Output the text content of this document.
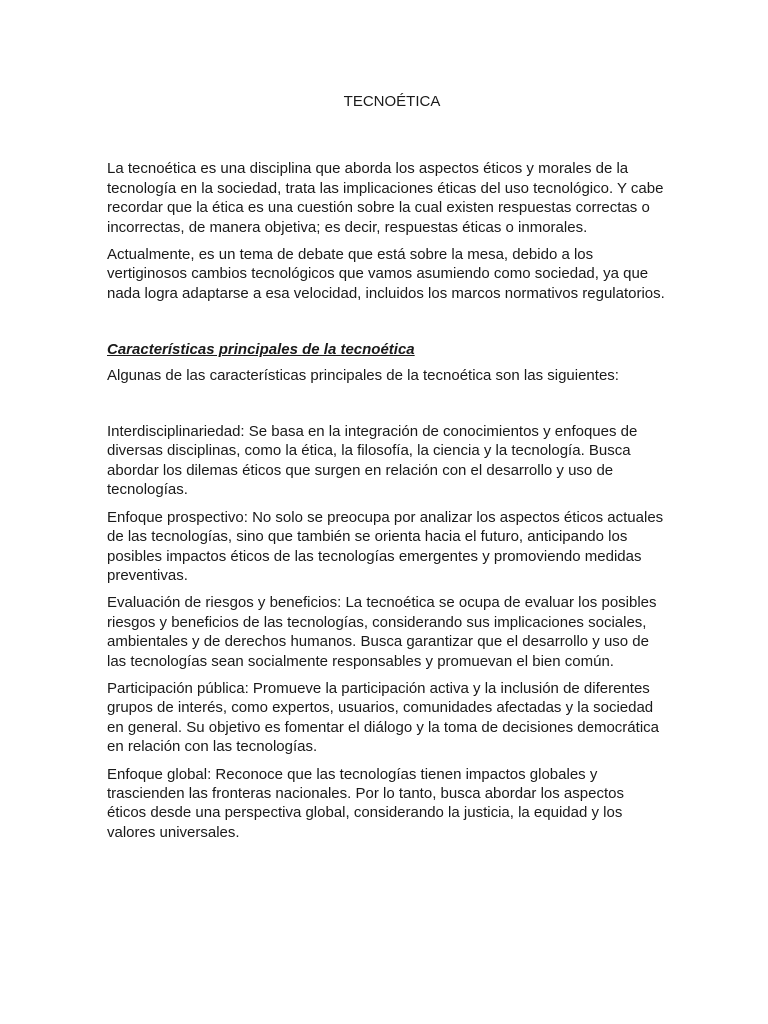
TECNOÉTICA

La tecnoética es una disciplina que aborda los aspectos éticos y morales de la tecnología en la sociedad, trata las implicaciones éticas del uso tecnológico. Y cabe recordar que la ética es una cuestión sobre la cual existen respuestas correctas o incorrectas, de manera objetiva; es decir, respuestas éticas o inmorales.

Actualmente, es un tema de debate que está sobre la mesa, debido a los vertiginosos cambios tecnológicos que vamos asumiendo como sociedad, ya que nada logra adaptarse a esa velocidad, incluidos los marcos normativos regulatorios.

Características principales de la tecnoética

Algunas de las características principales de la tecnoética son las siguientes:

Interdisciplinariedad: Se basa en la integración de conocimientos y enfoques de diversas disciplinas, como la ética, la filosofía, la ciencia y la tecnología. Busca abordar los dilemas éticos que surgen en relación con el desarrollo y uso de tecnologías.

Enfoque prospectivo: No solo se preocupa por analizar los aspectos éticos actuales de las tecnologías, sino que también se orienta hacia el futuro, anticipando los posibles impactos éticos de las tecnologías emergentes y promoviendo medidas preventivas.

Evaluación de riesgos y beneficios: La tecnoética se ocupa de evaluar los posibles riesgos y beneficios de las tecnologías, considerando sus implicaciones sociales, ambientales y de derechos humanos. Busca garantizar que el desarrollo y uso de las tecnologías sean socialmente responsables y promuevan el bien común.

Participación pública: Promueve la participación activa y la inclusión de diferentes grupos de interés, como expertos, usuarios, comunidades afectadas y la sociedad en general. Su objetivo es fomentar el diálogo y la toma de decisiones democrática en relación con las tecnologías.

Enfoque global: Reconoce que las tecnologías tienen impactos globales y trascienden las fronteras nacionales. Por lo tanto, busca abordar los aspectos éticos desde una perspectiva global, considerando la justicia, la equidad y los valores universales.
